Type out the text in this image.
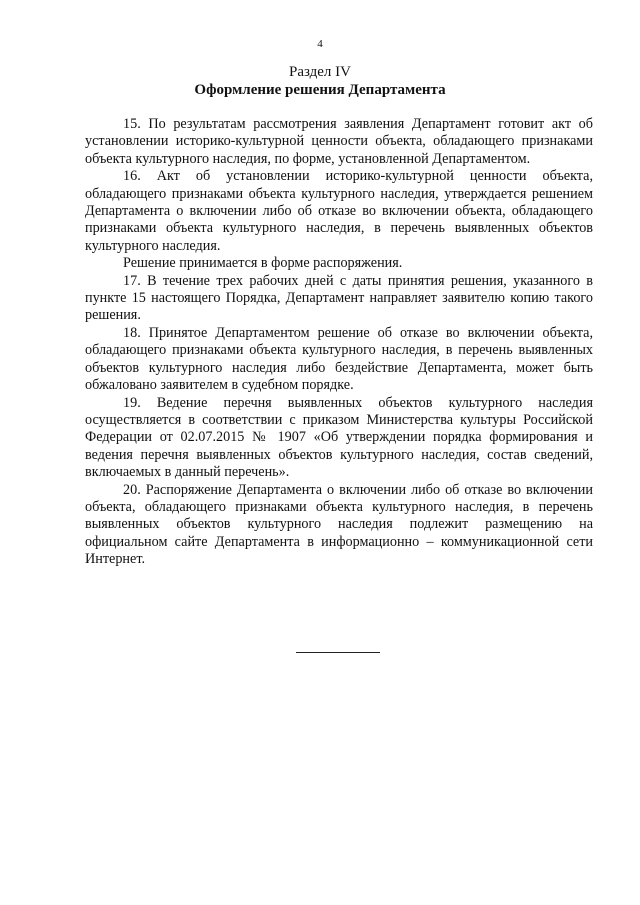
4
Раздел IV
Оформление решения Департамента

15. По результатам рассмотрения заявления Департамент готовит акт об установлении историко-культурной ценности объекта, обладающего признаками объекта культурного наследия, по форме, установленной Департаментом.

16. Акт об установлении историко-культурной ценности объекта, обладающего признаками объекта культурного наследия, утверждается решением Департамента о включении либо об отказе во включении объекта, обладающего признаками объекта культурного наследия, в перечень выявленных объектов культурного наследия.

Решение принимается в форме распоряжения.

17. В течение трех рабочих дней с даты принятия решения, указанного в пункте 15 настоящего Порядка, Департамент направляет заявителю копию такого решения.

18. Принятое Департаментом решение об отказе во включении объекта, обладающего признаками объекта культурного наследия, в перечень выявленных объектов культурного наследия либо бездействие Департамента, может быть обжаловано заявителем в судебном порядке.

19. Ведение перечня выявленных объектов культурного наследия осуществляется в соответствии с приказом Министерства культуры Российской Федерации от 02.07.2015 № 1907 «Об утверждении порядка формирования и ведения перечня выявленных объектов культурного наследия, состав сведений, включаемых в данный перечень».

20. Распоряжение Департамента о включении либо об отказе во включении объекта, обладающего признаками объекта культурного наследия, в перечень выявленных объектов культурного наследия подлежит размещению на официальном сайте Департамента в информационно – коммуникационной сети Интернет.
